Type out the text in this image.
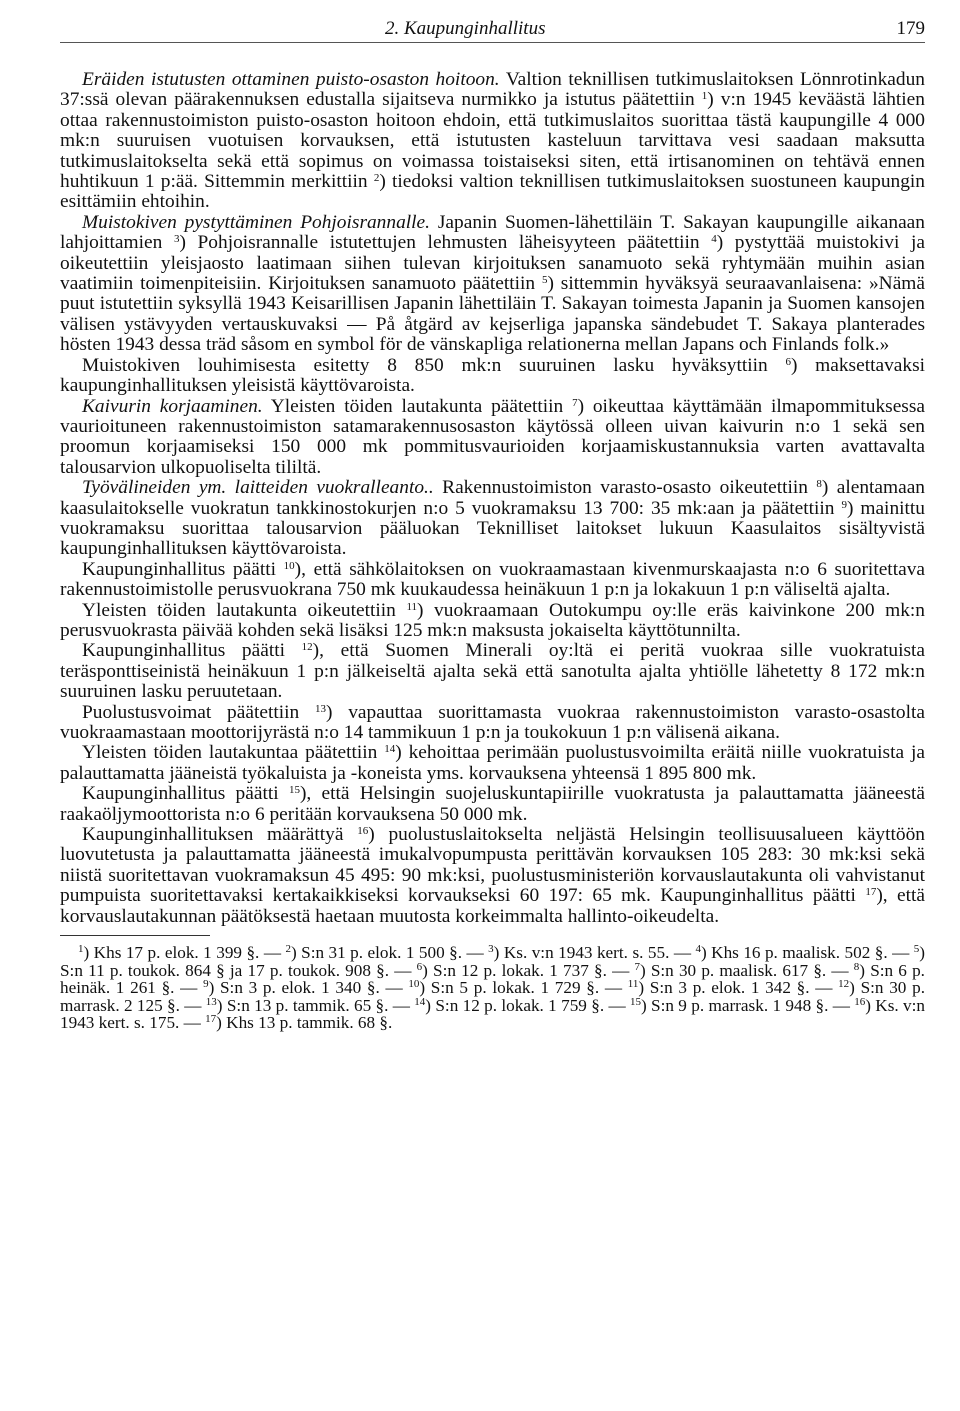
2. Kaupunginhallitus	179

Eräiden istutusten ottaminen puisto-osaston hoitoon. Valtion teknillisen tutkimuslaitoksen Lönnrotinkadun 37:ssä olevan päärakennuksen edustalla sijaitseva nurmikko ja istutus päätettiin $^1$) v:n 1945 keväästä lähtien ottaa rakennustoimiston puisto-osaston hoitoon ehdoin, että tutkimuslaitos suorittaa tästä kaupungille 4 000 mk:n suuruisen vuotuisen korvauksen, että istutusten kasteluun tarvittava vesi saadaan maksutta tutkimuslaitokselta sekä että sopimus on voimassa toistaiseksi siten, että irtisanominen on tehtävä ennen huhtikuun 1 p:ää. Sittemmin merkittiin $^2$) tiedoksi valtion teknillisen tutkimuslaitoksen suostuneen kaupungin esittämiin ehtoihin.

Muistokiven pystyttäminen Pohjoisrannalle. Japanin Suomen-lähettiläin T. Sakayan kaupungille aikanaan lahjoittamien $^3$) Pohjoisrannalle istutettujen lehmusten läheisyyteen päätettiin $^4$) pystyttää muistokivi ja oikeutettiin yleisjaosto laatimaan siihen tulevan kirjoituksen sanamuoto sekä ryhtymään muihin asian vaatimiin toimenpiteisiin. Kirjoituksen sanamuoto päätettiin $^5$) sittemmin hyväksyä seuraavanlaisena: »Nämä puut istutettiin syksyllä 1943 Keisarillisen Japanin lähettiläin T. Sakayan toimesta Japanin ja Suomen kansojen välisen ystävyyden vertauskuvaksi — På åtgärd av kejserliga japanska sändebudet T. Sakaya planterades hösten 1943 dessa träd såsom en symbol för de vänskapliga relationerna mellan Japans och Finlands folk.»

Muistokiven louhimisesta esitetty 8 850 mk:n suuruinen lasku hyväksyttiin $^6$) maksettavaksi kaupunginhallituksen yleisistä käyttövaroista.

Kaivurin korjaaminen. Yleisten töiden lautakunta päätettiin $^7$) oikeuttaa käyttämään ilmapommituksessa vaurioituneen rakennustoimiston satamarakennusosaston käytössä olleen uivan kaivurin n:o 1 sekä sen proomun korjaamiseksi 150 000 mk pommitusvaurioiden korjaamiskustannuksia varten avattavalta talousarvion ulkopuoliselta tililtä.

Työvälineiden ym. laitteiden vuokralleanto.. Rakennustoimiston varasto-osasto oikeutettiin $^8$) alentamaan kaasulaitokselle vuokratun tankkinostokurjen n:o 5 vuokramaksu 13 700: 35 mk:aan ja päätettiin $^9$) mainittu vuokramaksu suorittaa talousarvion pääluokan Teknilliset laitokset lukuun Kaasulaitos sisältyvistä kaupunginhallituksen käyttövaroista.

Kaupunginhallitus päätti $^{10}$), että sähkölaitoksen on vuokraamastaan kivenmurskaajasta n:o 6 suoritettava rakennustoimistolle perusvuokrana 750 mk kuukaudessa heinäkuun 1 p:n ja lokakuun 1 p:n väliseltä ajalta.

Yleisten töiden lautakunta oikeutettiin $^{11}$) vuokraamaan Outokumpu oy:lle eräs kaivinkone 200 mk:n perusvuokrasta päivää kohden sekä lisäksi 125 mk:n maksusta jokaiselta käyttötunnilta.

Kaupunginhallitus päätti $^{12}$), että Suomen Minerali oy:ltä ei peritä vuokraa sille vuokratuista teräsponttiseinistä heinäkuun 1 p:n jälkeiseltä ajalta sekä että sanotulta ajalta yhtiölle lähetetty 8 172 mk:n suuruinen lasku peruutetaan.

Puolustusvoimat päätettiin $^{13}$) vapauttaa suorittamasta vuokraa rakennustoimiston varasto-osastolta vuokraamastaan moottorijyrästä n:o 14 tammikuun 1 p:n ja toukokuun 1 p:n välisenä aikana.

Yleisten töiden lautakuntaa päätettiin $^{14}$) kehoittaa perimään puolustusvoimilta eräitä niille vuokratuista ja palauttamatta jääneistä työkaluista ja -koneista yms. korvauksena yhteensä 1 895 800 mk.

Kaupunginhallitus päätti $^{15}$), että Helsingin suojeluskuntapiirille vuokratusta ja palauttamatta jääneestä raakaöljymoottorista n:o 6 peritään korvauksena 50 000 mk.

Kaupunginhallituksen määrättyä $^{16}$) puolustuslaitokselta neljästä Helsingin teollisuusalueen käyttöön luovutetusta ja palauttamatta jääneestä imukalvopumpusta perittävän korvauksen 105 283: 30 mk:ksi sekä niistä suoritettavan vuokramaksun 45 495: 90 mk:ksi, puolustusministeriön korvauslautakunta oli vahvistanut pumpuista suoritettavaksi kertakaikkiseksi korvaukseksi 60 197: 65 mk. Kaupunginhallitus päätti $^{17}$), että korvauslautakunnan päätöksestä haetaan muutosta korkeimmalta hallinto-oikeudelta.

$^1$) Khs 17 p. elok. 1 399 §. — $^2$) S:n 31 p. elok. 1 500 §. — $^3$) Ks. v:n 1943 kert. s. 55. — $^4$) Khs 16 p. maalisk. 502 §. — $^5$) S:n 11 p. toukok. 864 § ja 17 p. toukok. 908 §. — $^6$) S:n 12 p. lokak. 1 737 §. — $^7$) S:n 30 p. maalisk. 617 §. — $^8$) S:n 6 p. heinäk. 1 261 §. — $^9$) S:n 3 p. elok. 1 340 §. — $^{10}$) S:n 5 p. lokak. 1 729 §. — $^{11}$) S:n 3 p. elok. 1 342 §. — $^{12}$) S:n 30 p. marrask. 2 125 §. — $^{13}$) S:n 13 p. tammik. 65 §. — $^{14}$) S:n 12 p. lokak. 1 759 §. — $^{15}$) S:n 9 p. marrask. 1 948 §. — $^{16}$) Ks. v:n 1943 kert. s. 175. — $^{17}$) Khs 13 p. tammik. 68 §.
